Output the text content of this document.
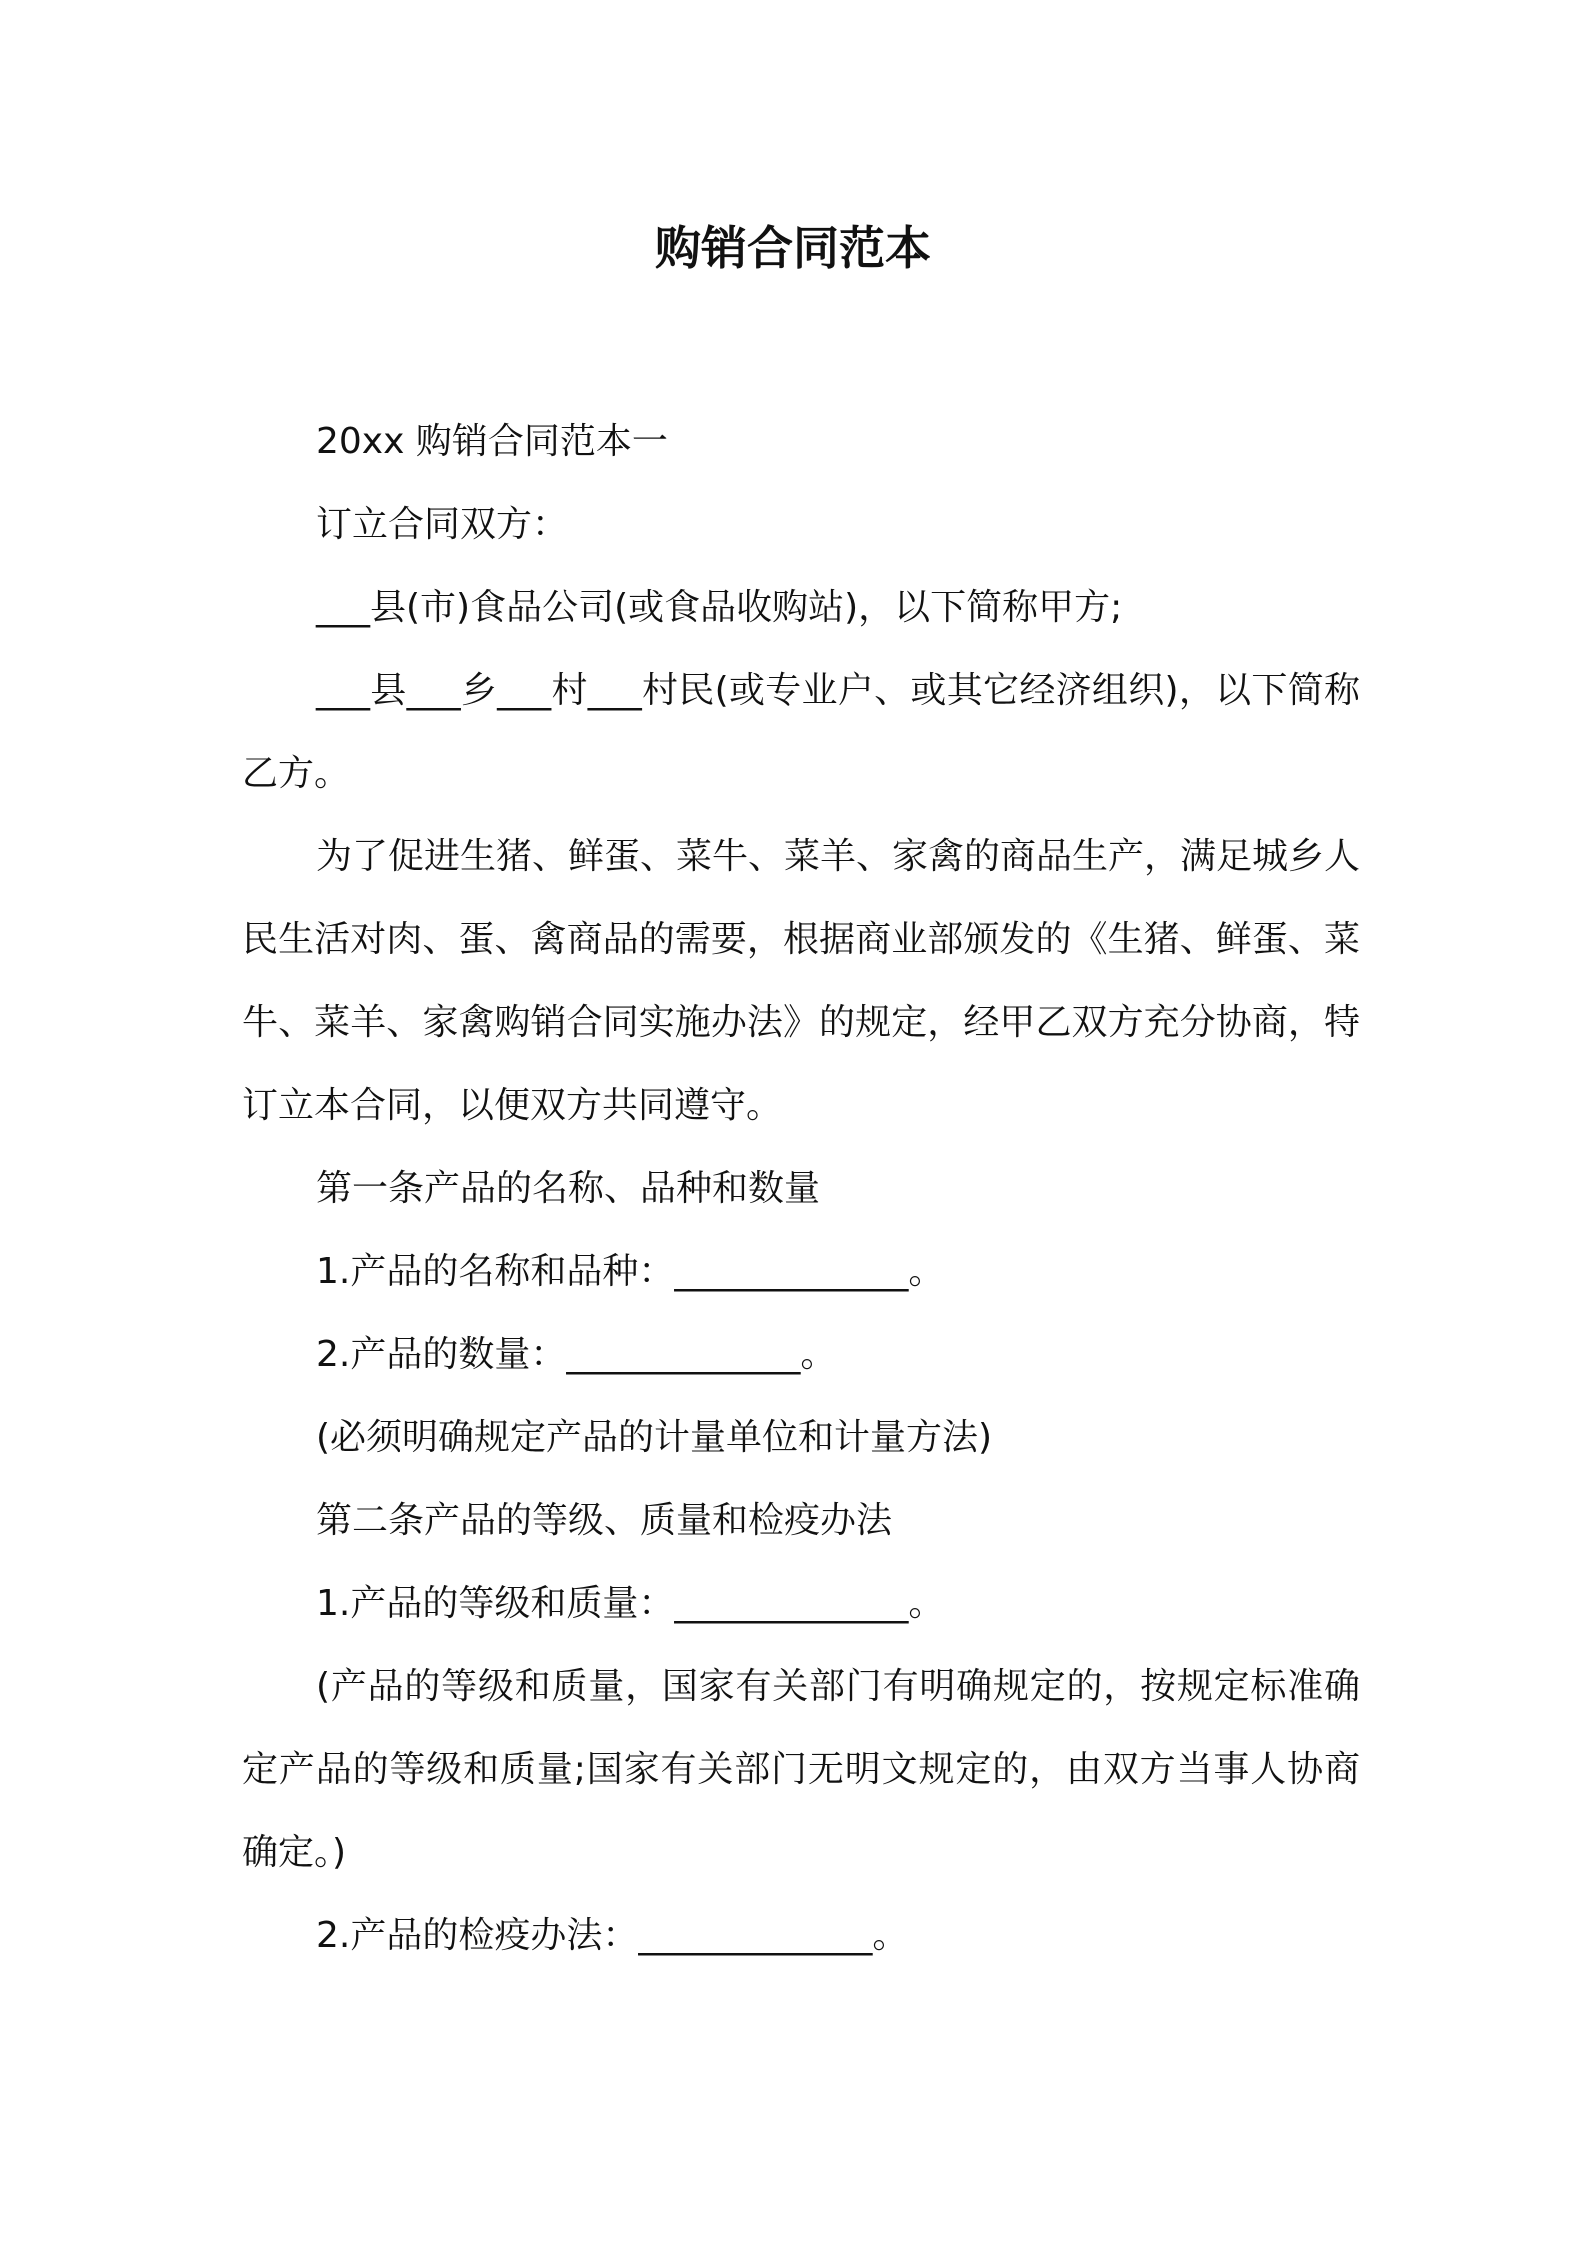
购销合同范本

20xx 购销合同范本一

订立合同双方：

___县(市)食品公司(或食品收购站)，以下简称甲方;

___县___乡___村___村民(或专业户、或其它经济组织)，以下简称乙方。

为了促进生猪、鲜蛋、菜牛、菜羊、家禽的商品生产，满足城乡人民生活对肉、蛋、禽商品的需要，根据商业部颁发的《生猪、鲜蛋、菜牛、菜羊、家禽购销合同实施办法》的规定，经甲乙双方充分协商，特订立本合同，以便双方共同遵守。

第一条产品的名称、品种和数量

1.产品的名称和品种：_____________。

2.产品的数量：_____________。

(必须明确规定产品的计量单位和计量方法)

第二条产品的等级、质量和检疫办法

1.产品的等级和质量：_____________。

(产品的等级和质量，国家有关部门有明确规定的，按规定标准确定产品的等级和质量;国家有关部门无明文规定的，由双方当事人协商确定。)

2.产品的检疫办法：_____________。
